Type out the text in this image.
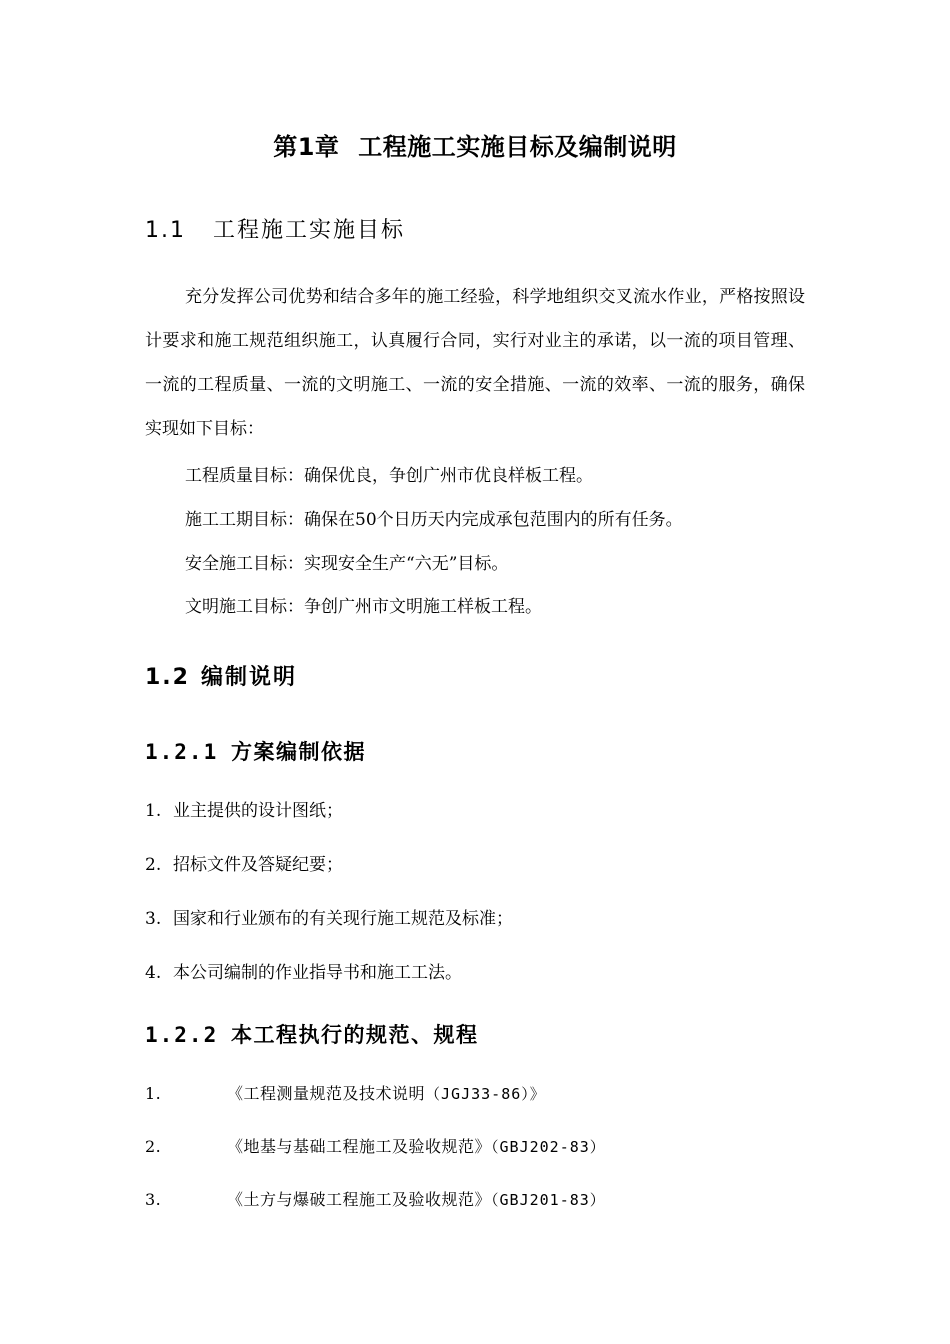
第1章 工程施工实施目标及编制说明
1.1 工程施工实施目标

充分发挥公司优势和结合多年的施工经验，科学地组织交叉流水作业，严格按照设计要求和施工规范组织施工，认真履行合同，实行对业主的承诺，以一流的项目管理、一流的工程质量、一流的文明施工、一流的安全措施、一流的效率、一流的服务，确保实现如下目标：

工程质量目标：确保优良，争创广州市优良样板工程。
施工工期目标：确保在50个日历天内完成承包范围内的所有任务。
安全施工目标：实现安全生产“六无”目标。
文明施工目标：争创广州市文明施工样板工程。
1.2 编制说明
1.2.1 方案编制依据
1. 业主提供的设计图纸；
2. 招标文件及答疑纪要；
3. 国家和行业颁布的有关现行施工规范及标准；
4. 本公司编制的作业指导书和施工工法。
1.2.2 本工程执行的规范、规程
1.	《工程测量规范及技术说明（JGJ33-86）》
2.	《地基与基础工程施工及验收规范》（GBJ202-83）
3.	《土方与爆破工程施工及验收规范》（GBJ201-83）
